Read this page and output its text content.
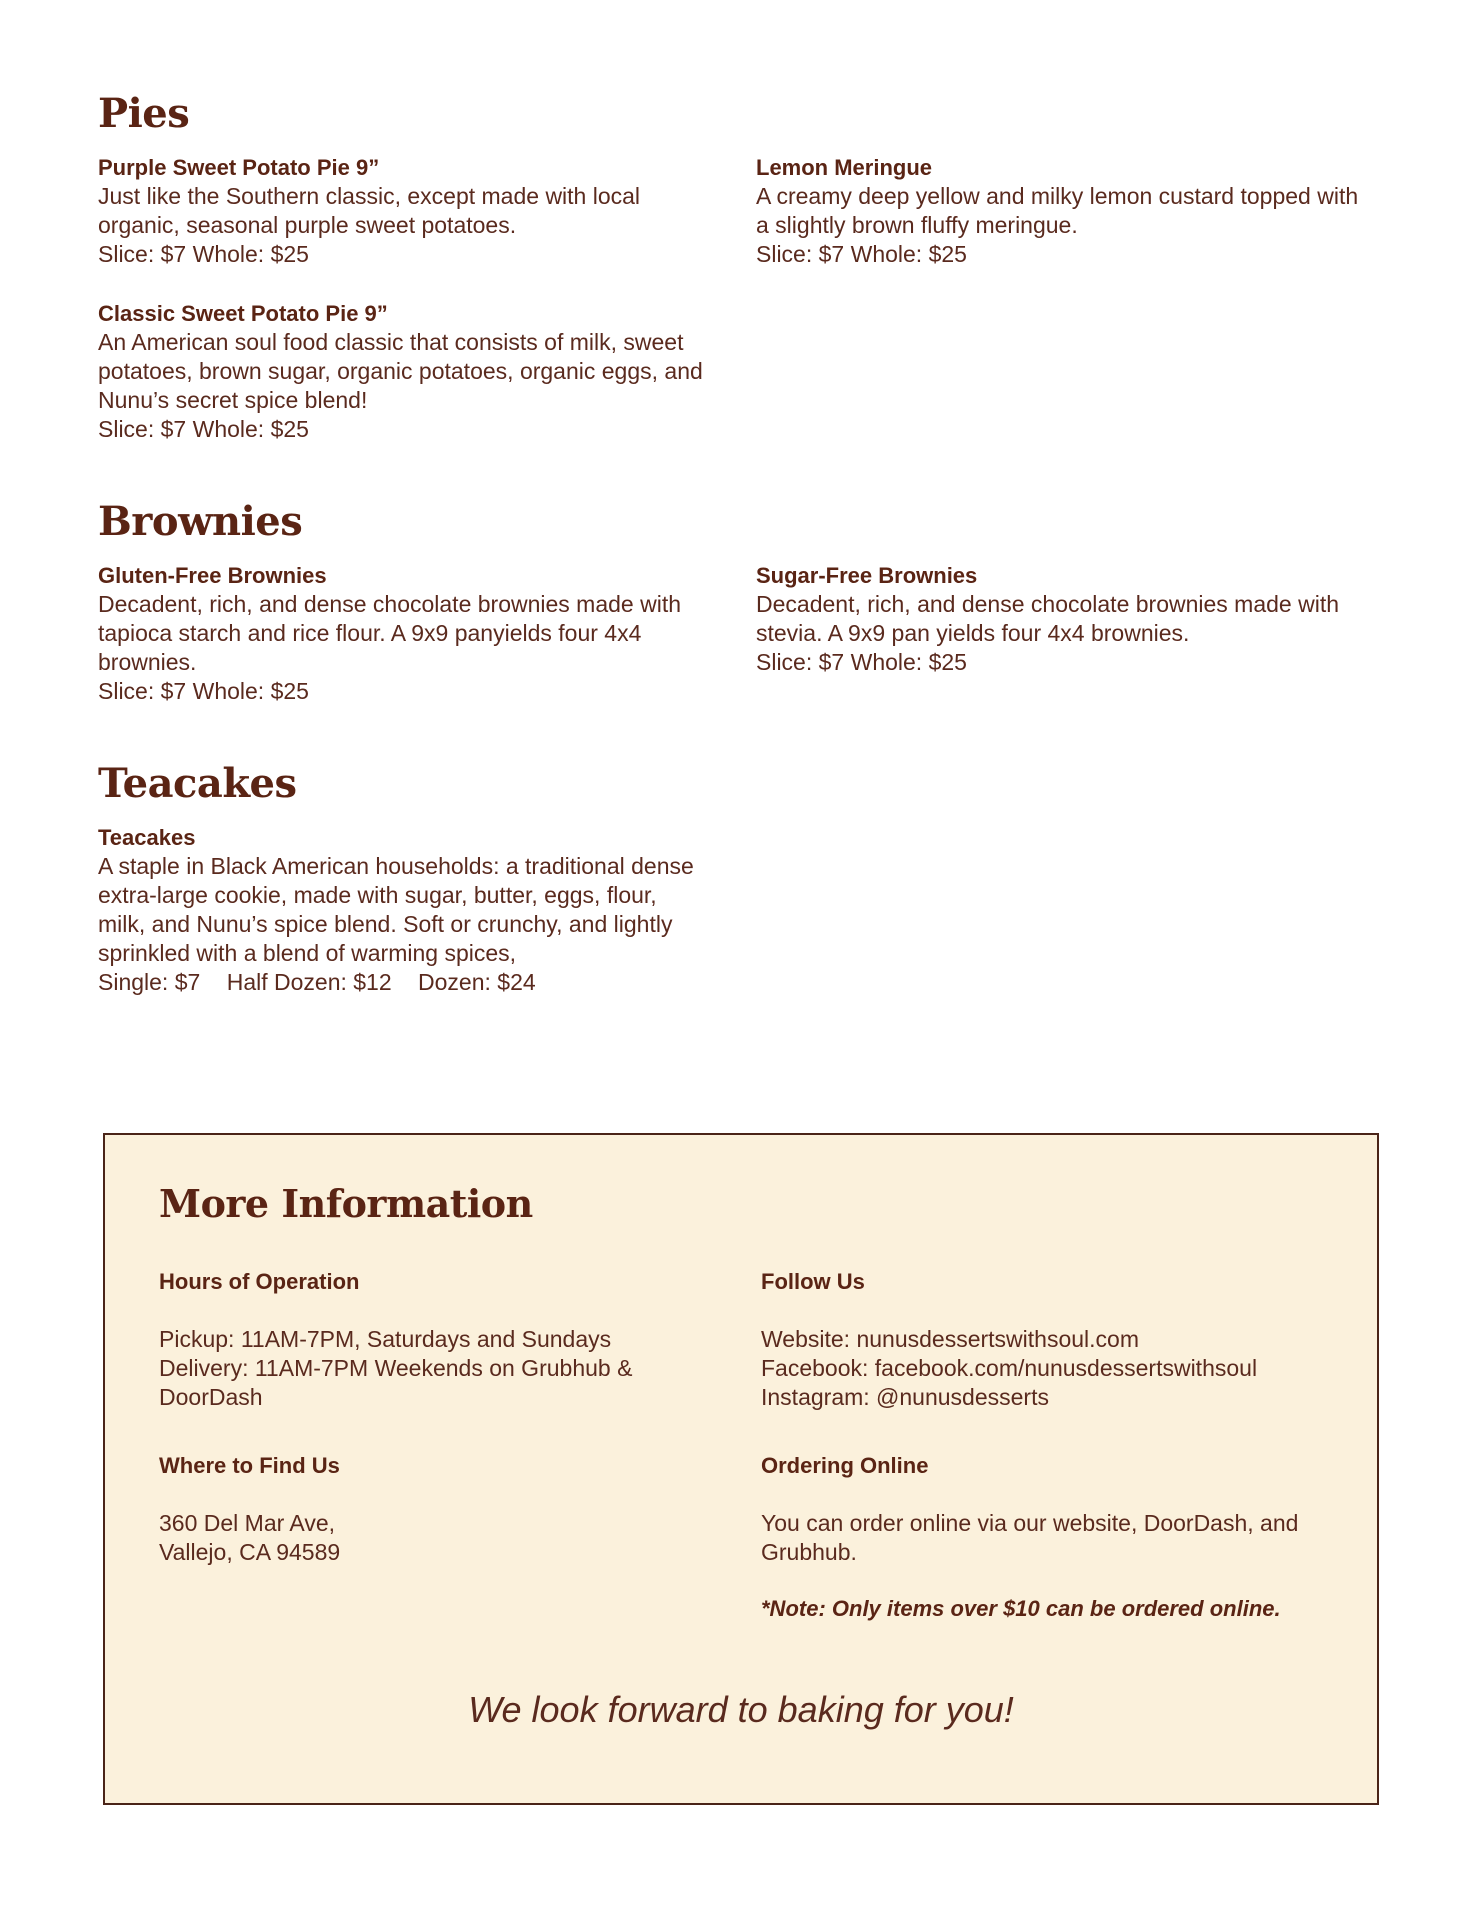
Pies
Purple Sweet Potato Pie 9”
Just like the Southern classic, except made with local organic, seasonal purple sweet potatoes.
Slice: $7 Whole: $25
Classic Sweet Potato Pie 9”
An American soul food classic that consists of milk, sweet potatoes, brown sugar, organic potatoes, organic eggs, and Nunu’s secret spice blend!
Slice: $7 Whole: $25
Lemon Meringue
A creamy deep yellow and milky lemon custard topped with a slightly brown fluffy meringue.
Slice: $7 Whole: $25
Brownies
Gluten-Free Brownies
Decadent, rich, and dense chocolate brownies made with tapioca starch and rice flour. A 9x9 panyields four 4x4 brownies.
Slice: $7 Whole: $25
Sugar-Free Brownies
Decadent, rich, and dense chocolate brownies made with stevia. A 9x9 pan yields four 4x4 brownies.
Slice: $7 Whole: $25
Teacakes
Teacakes
A staple in Black American households: a traditional dense extra-large cookie, made with sugar, butter, eggs, flour, milk, and Nunu’s spice blend. Soft or crunchy, and lightly sprinkled with a blend of warming spices,
Single: $7 Half Dozen: $12 Dozen: $24
More Information
Hours of Operation
Pickup: 11AM-7PM, Saturdays and Sundays
Delivery: 11AM-7PM Weekends on Grubhub & DoorDash
Where to Find Us
360 Del Mar Ave,
Vallejo, CA 94589
Follow Us
Website: nunusdessertswithsoul.com
Facebook: facebook.com/nunusdessertswithsoul
Instagram: @nunusdesserts
Ordering Online
You can order online via our website, DoorDash, and Grubhub.
*Note: Only items over $10 can be ordered online.
We look forward to baking for you!
